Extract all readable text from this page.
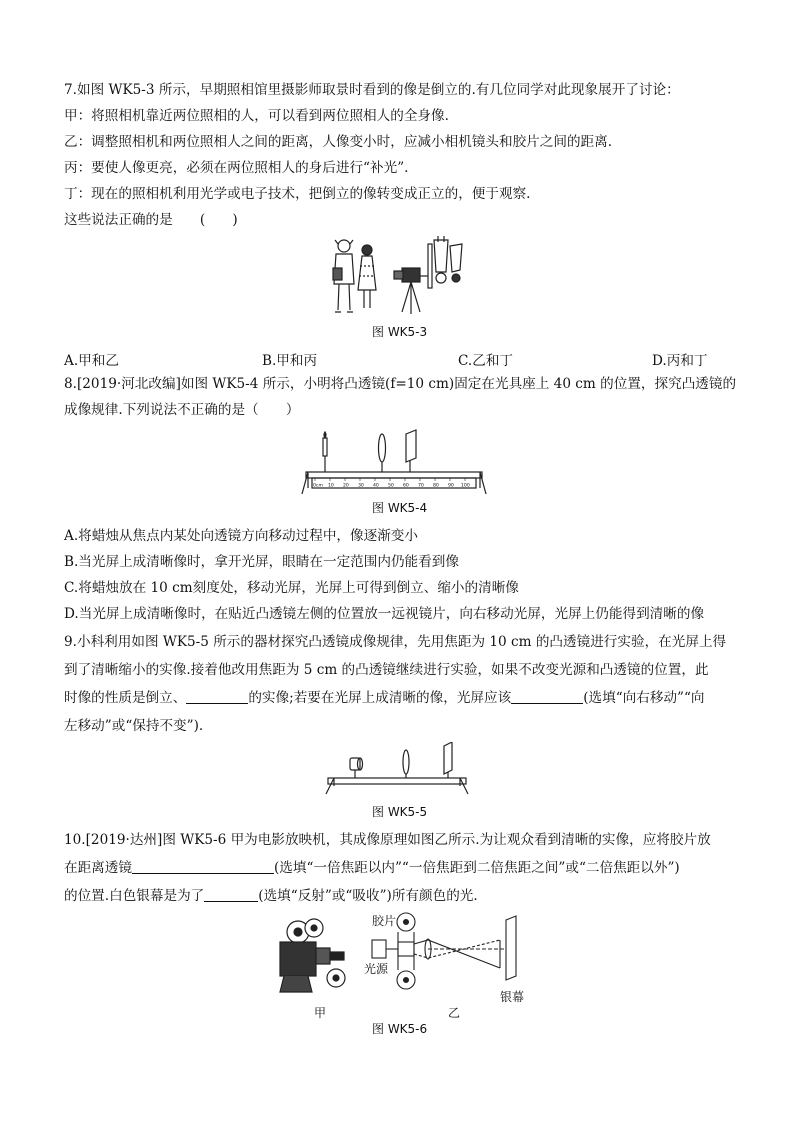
7.如图 WK5-3 所示，早期照相馆里摄影师取景时看到的像是倒立的.有几位同学对此现象展开了讨论：
甲：将照相机靠近两位照相的人，可以看到两位照相人的全身像.
乙：调整照相机和两位照相人之间的距离，人像变小时，应减小相机镜头和胶片之间的距离.
丙：要使人像更亮，必须在两位照相人的身后进行“补光”.
丁：现在的照相机利用光学或电子技术，把倒立的像转变成正立的，便于观察.
这些说法正确的是　　(　　)
图 WK5-3
A.甲和乙	B.甲和丙	C.乙和丁	D.丙和丁
8.[2019·河北改编]如图 WK5-4 所示，小明将凸透镜(f=10 cm)固定在光具座上 40 cm 的位置，探究凸透镜的
成像规律.下列说法不正确的是（　　）
0cm 10 20 30 40 50 60 70 80 90 100
图 WK5-4
A.将蜡烛从焦点内某处向透镜方向移动过程中，像逐渐变小
B.当光屏上成清晰像时，拿开光屏，眼睛在一定范围内仍能看到像
C.将蜡烛放在 10 cm刻度处，移动光屏，光屏上可得到倒立、缩小的清晰像
D.当光屏上成清晰像时，在贴近凸透镜左侧的位置放一远视镜片，向右移动光屏，光屏上仍能得到清晰的像
9.小科利用如图 WK5-5 所示的器材探究凸透镜成像规律，先用焦距为 10 cm 的凸透镜进行实验，在光屏上得
到了清晰缩小的实像.接着他改用焦距为 5 cm 的凸透镜继续进行实验，如果不改变光源和凸透镜的位置，此
时像的性质是倒立、	的实像;若要在光屏上成清晰的像，光屏应该	(选填“向右移动”“向
左移动”或“保持不变”).
图 WK5-5
10.[2019·达州]图 WK5-6 甲为电影放映机，其成像原理如图乙所示.为让观众看到清晰的实像，应将胶片放
在距离透镜	(选填“一倍焦距以内”“一倍焦距到二倍焦距之间”或“二倍焦距以外”)
的位置.白色银幕是为了	(选填“反射”或“吸收”)所有颜色的光.
甲
胶片
光源
银幕
乙
图 WK5-6
